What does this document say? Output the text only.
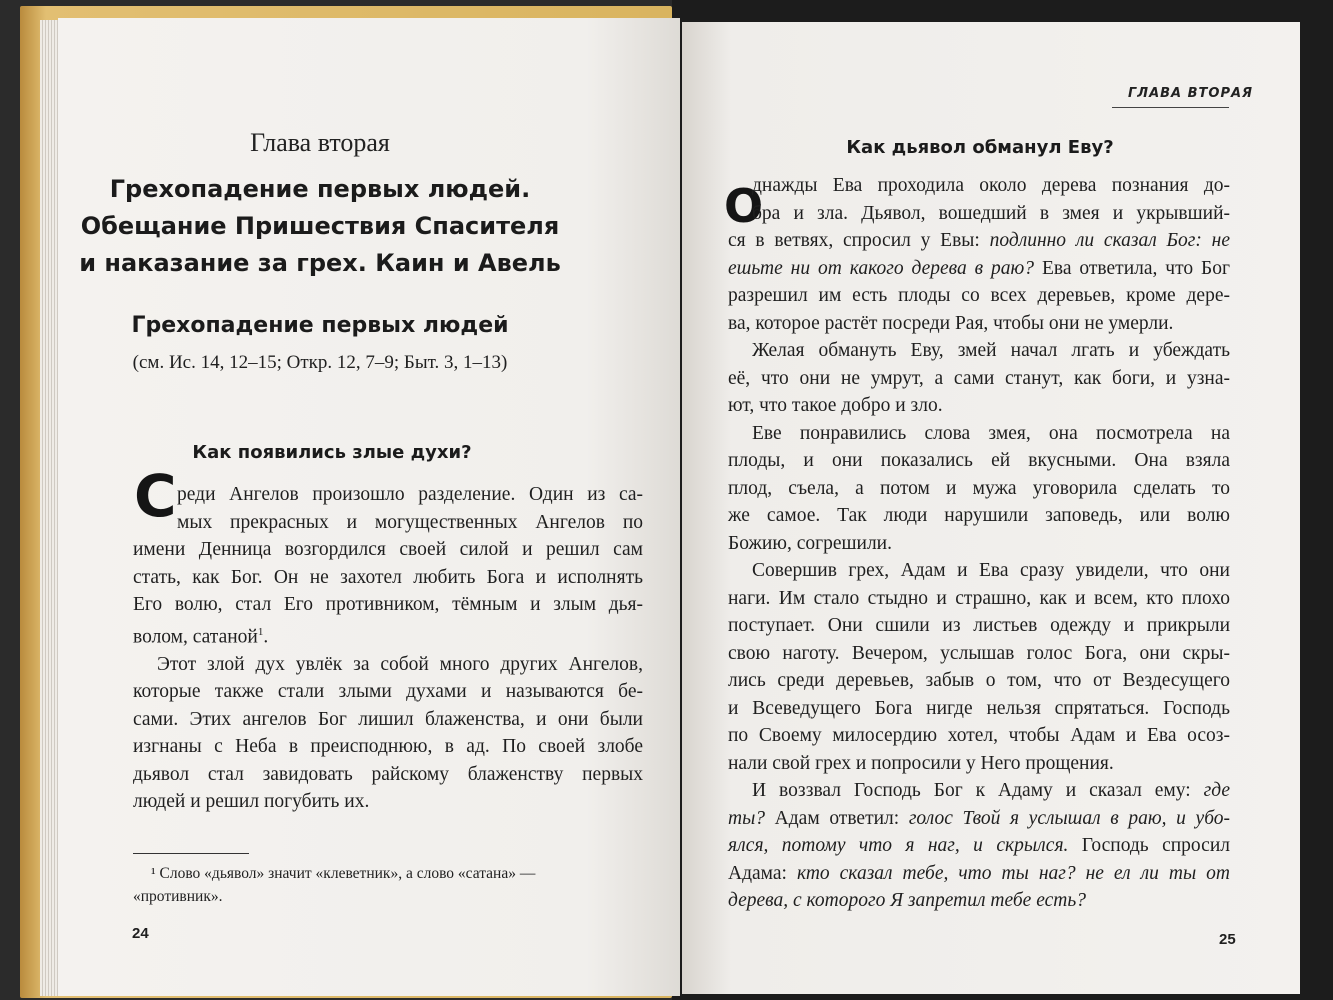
Глава вторая
Грехопадение первых людей.
Обещание Пришествия Спасителя
и наказание за грех. Каин и Авель
Грехопадение первых людей
(см. Ис. 14, 12–15; Откр. 12, 7–9; Быт. 3, 1–13)
Как появились злые духи?
С реди Ангелов произошло разделение. Один из са-
мых прекрасных и могущественных Ангелов по
имени Денница возгордился своей силой и решил сам
стать, как Бог. Он не захотел любить Бога и исполнять
Его волю, стал Его противником, тёмным и злым дья-
волом, сатаной$^1$.
Этот злой дух увлёк за собой много других Ангелов,
которые также стали злыми духами и называются бе-
сами. Этих ангелов Бог лишил блаженства, и они были
изгнаны с Неба в преисподнюю, в ад. По своей злобе
дьявол стал завидовать райскому блаженству первых
людей и решил погубить их.
¹ Слово «дьявол» значит «клеветник», а слово «сатана» —
«противник».
24
ГЛАВА ВТОРАЯ
Как дьявол обманул Еву?
О
днажды Ева проходила около дерева познания до-
бра и зла. Дьявол, вошедший в змея и укрывший-
ся в ветвях, спросил у Евы: подлинно ли сказал Бог: не
ешьте ни от какого дерева в раю? Ева ответила, что Бог
разрешил им есть плоды со всех деревьев, кроме дере-
ва, которое растёт посреди Рая, чтобы они не умерли.
Желая обмануть Еву, змей начал лгать и убеждать
её, что они не умрут, а сами станут, как боги, и узна-
ют, что такое добро и зло.
Еве понравились слова змея, она посмотрела на
плоды, и они показались ей вкусными. Она взяла
плод, съела, а потом и мужа уговорила сделать то
же самое. Так люди нарушили заповедь, или волю
Божию, согрешили.
Совершив грех, Адам и Ева сразу увидели, что они
наги. Им стало стыдно и страшно, как и всем, кто плохо
поступает. Они сшили из листьев одежду и прикрыли
свою наготу. Вечером, услышав голос Бога, они скры-
лись среди деревьев, забыв о том, что от Вездесущего
и Всеведущего Бога нигде нельзя спрятаться. Господь
по Своему милосердию хотел, чтобы Адам и Ева осоз-
нали свой грех и попросили у Него прощения.
И воззвал Господь Бог к Адаму и сказал ему: где
ты? Адам ответил: голос Твой я услышал в раю, и убо-
ялся, потому что я наг, и скрылся. Господь спросил
Адама: кто сказал тебе, что ты наг? не ел ли ты от
дерева, с которого Я запретил тебе есть?
25
